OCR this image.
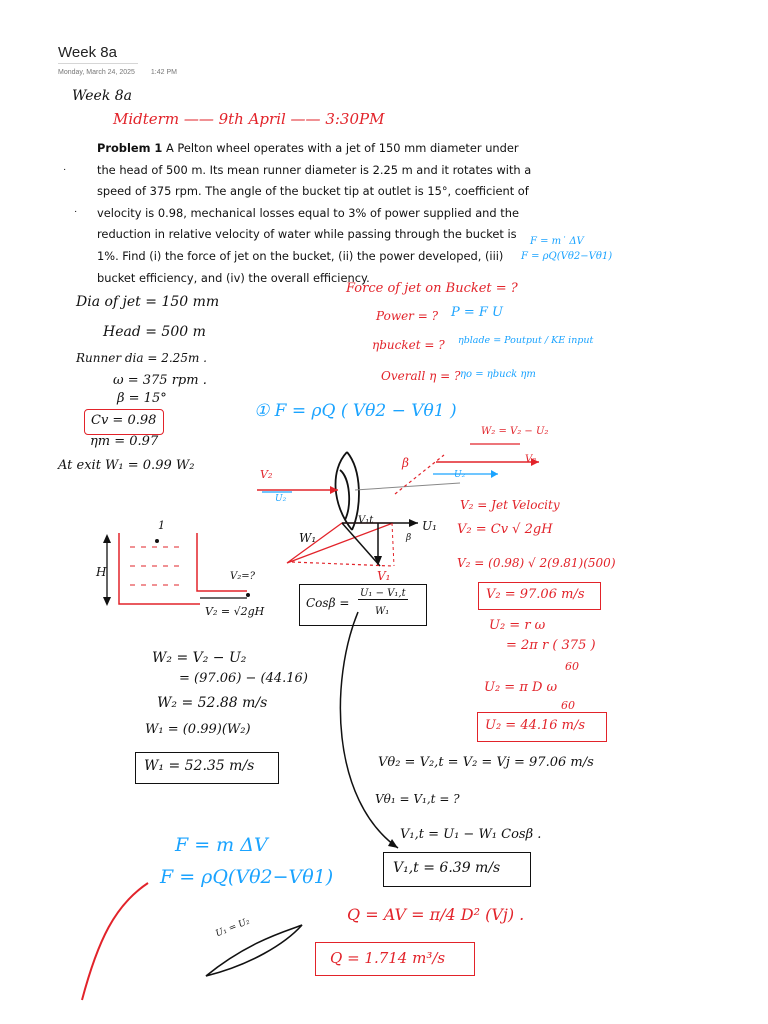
Week 8a
Monday, March 24, 2025 1:42 PM
Week 8a
Midterm —— 9th April —— 3:30PM
Problem 1 A Pelton wheel operates with a jet of 150 mm diameter under the head of 500 m. Its mean runner diameter is 2.25 m and it rotates with a speed of 375 rpm. The angle of the bucket tip at outlet is 15°, coefficient of velocity is 0.98, mechanical losses equal to 3% of power supplied and the reduction in relative velocity of water while passing through the bucket is 1%. Find (i) the force of jet on the bucket, (ii) the power developed, (iii) bucket efficiency, and (iv) the overall efficiency.
F = m˙ ΔV
F = ρQ(Vθ2−Vθ1)
Force of jet on Bucket = ?
Power = ? P = F U
ηbucket = ? ηblade = Poutput / KE input
Overall η = ? ηo = ηbuck ηm
Dia of jet = 150 mm
Head = 500 m
Runner dia = 2.25m .
ω = 375 rpm .
β = 15°
Cv = 0.98
ηm = 0.97
At exit W₁ = 0.99 W₂
① F = ρQ ( Vθ2 − Vθ1 )
V₂
U₂
β
W₂ = V₂ − U₂
V₂
U₂
W₁
V₁t	U₁
V₁
β
1
H	V₂=?
V₂ = √2gH
V₂ = Jet Velocity
V₂ = Cv √ 2gH
V₂ = (0.98) √ 2(9.81)(500)
V₂ = 97.06 m/s
U₂ = r ω
= 2π r ( 375 )
60
U₂ = π D ω
60
U₂ = 44.16 m/s
Cosβ =
U₁ − V₁,t
W₁
W₂ = V₂ − U₂
= (97.06) − (44.16)
W₂ = 52.88 m/s
W₁ = (0.99)(W₂)
W₁ = 52.35 m/s	Vθ₂ = V₂,t = V₂ = Vj = 97.06 m/s
Vθ₁ = V₁,t = ?
V₁,t = U₁ − W₁ Cosβ .
V₁,t = 6.39 m/s
F = m ΔV
F = ρQ(Vθ2−Vθ1)
Q = AV = π/4 D² (Vj) .
Q = 1.714 m³/s
U₁ = U₂
·
·
